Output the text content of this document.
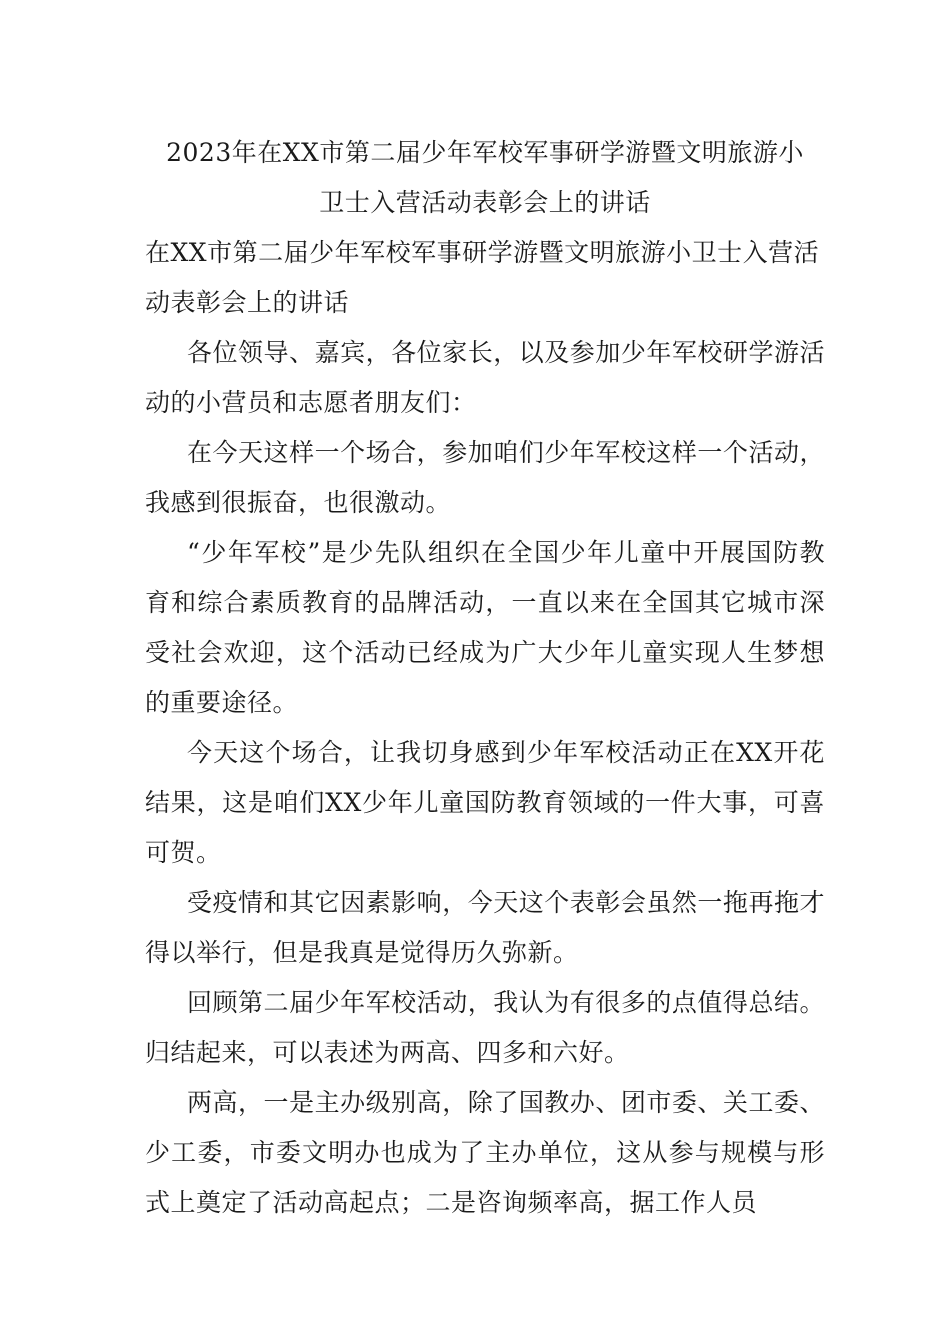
2023年在XX市第二届少年军校军事研学游暨文明旅游小
卫士入营活动表彰会上的讲话

在XX市第二届少年军校军事研学游暨文明旅游小卫士入营活动表彰会上的讲话

各位领导、嘉宾，各位家长，以及参加少年军校研学游活动的小营员和志愿者朋友们：

在今天这样一个场合，参加咱们少年军校这样一个活动，我感到很振奋，也很激动。

“少年军校”是少先队组织在全国少年儿童中开展国防教育和综合素质教育的品牌活动，一直以来在全国其它城市深受社会欢迎，这个活动已经成为广大少年儿童实现人生梦想的重要途径。

今天这个场合，让我切身感到少年军校活动正在XX开花结果，这是咱们XX少年儿童国防教育领域的一件大事，可喜可贺。

受疫情和其它因素影响，今天这个表彰会虽然一拖再拖才得以举行，但是我真是觉得历久弥新。

回顾第二届少年军校活动，我认为有很多的点值得总结。归结起来，可以表述为两高、四多和六好。

两高，一是主办级别高，除了国教办、团市委、关工委、少工委，市委文明办也成为了主办单位，这从参与规模与形式上奠定了活动高起点；二是咨询频率高，据工作人员
